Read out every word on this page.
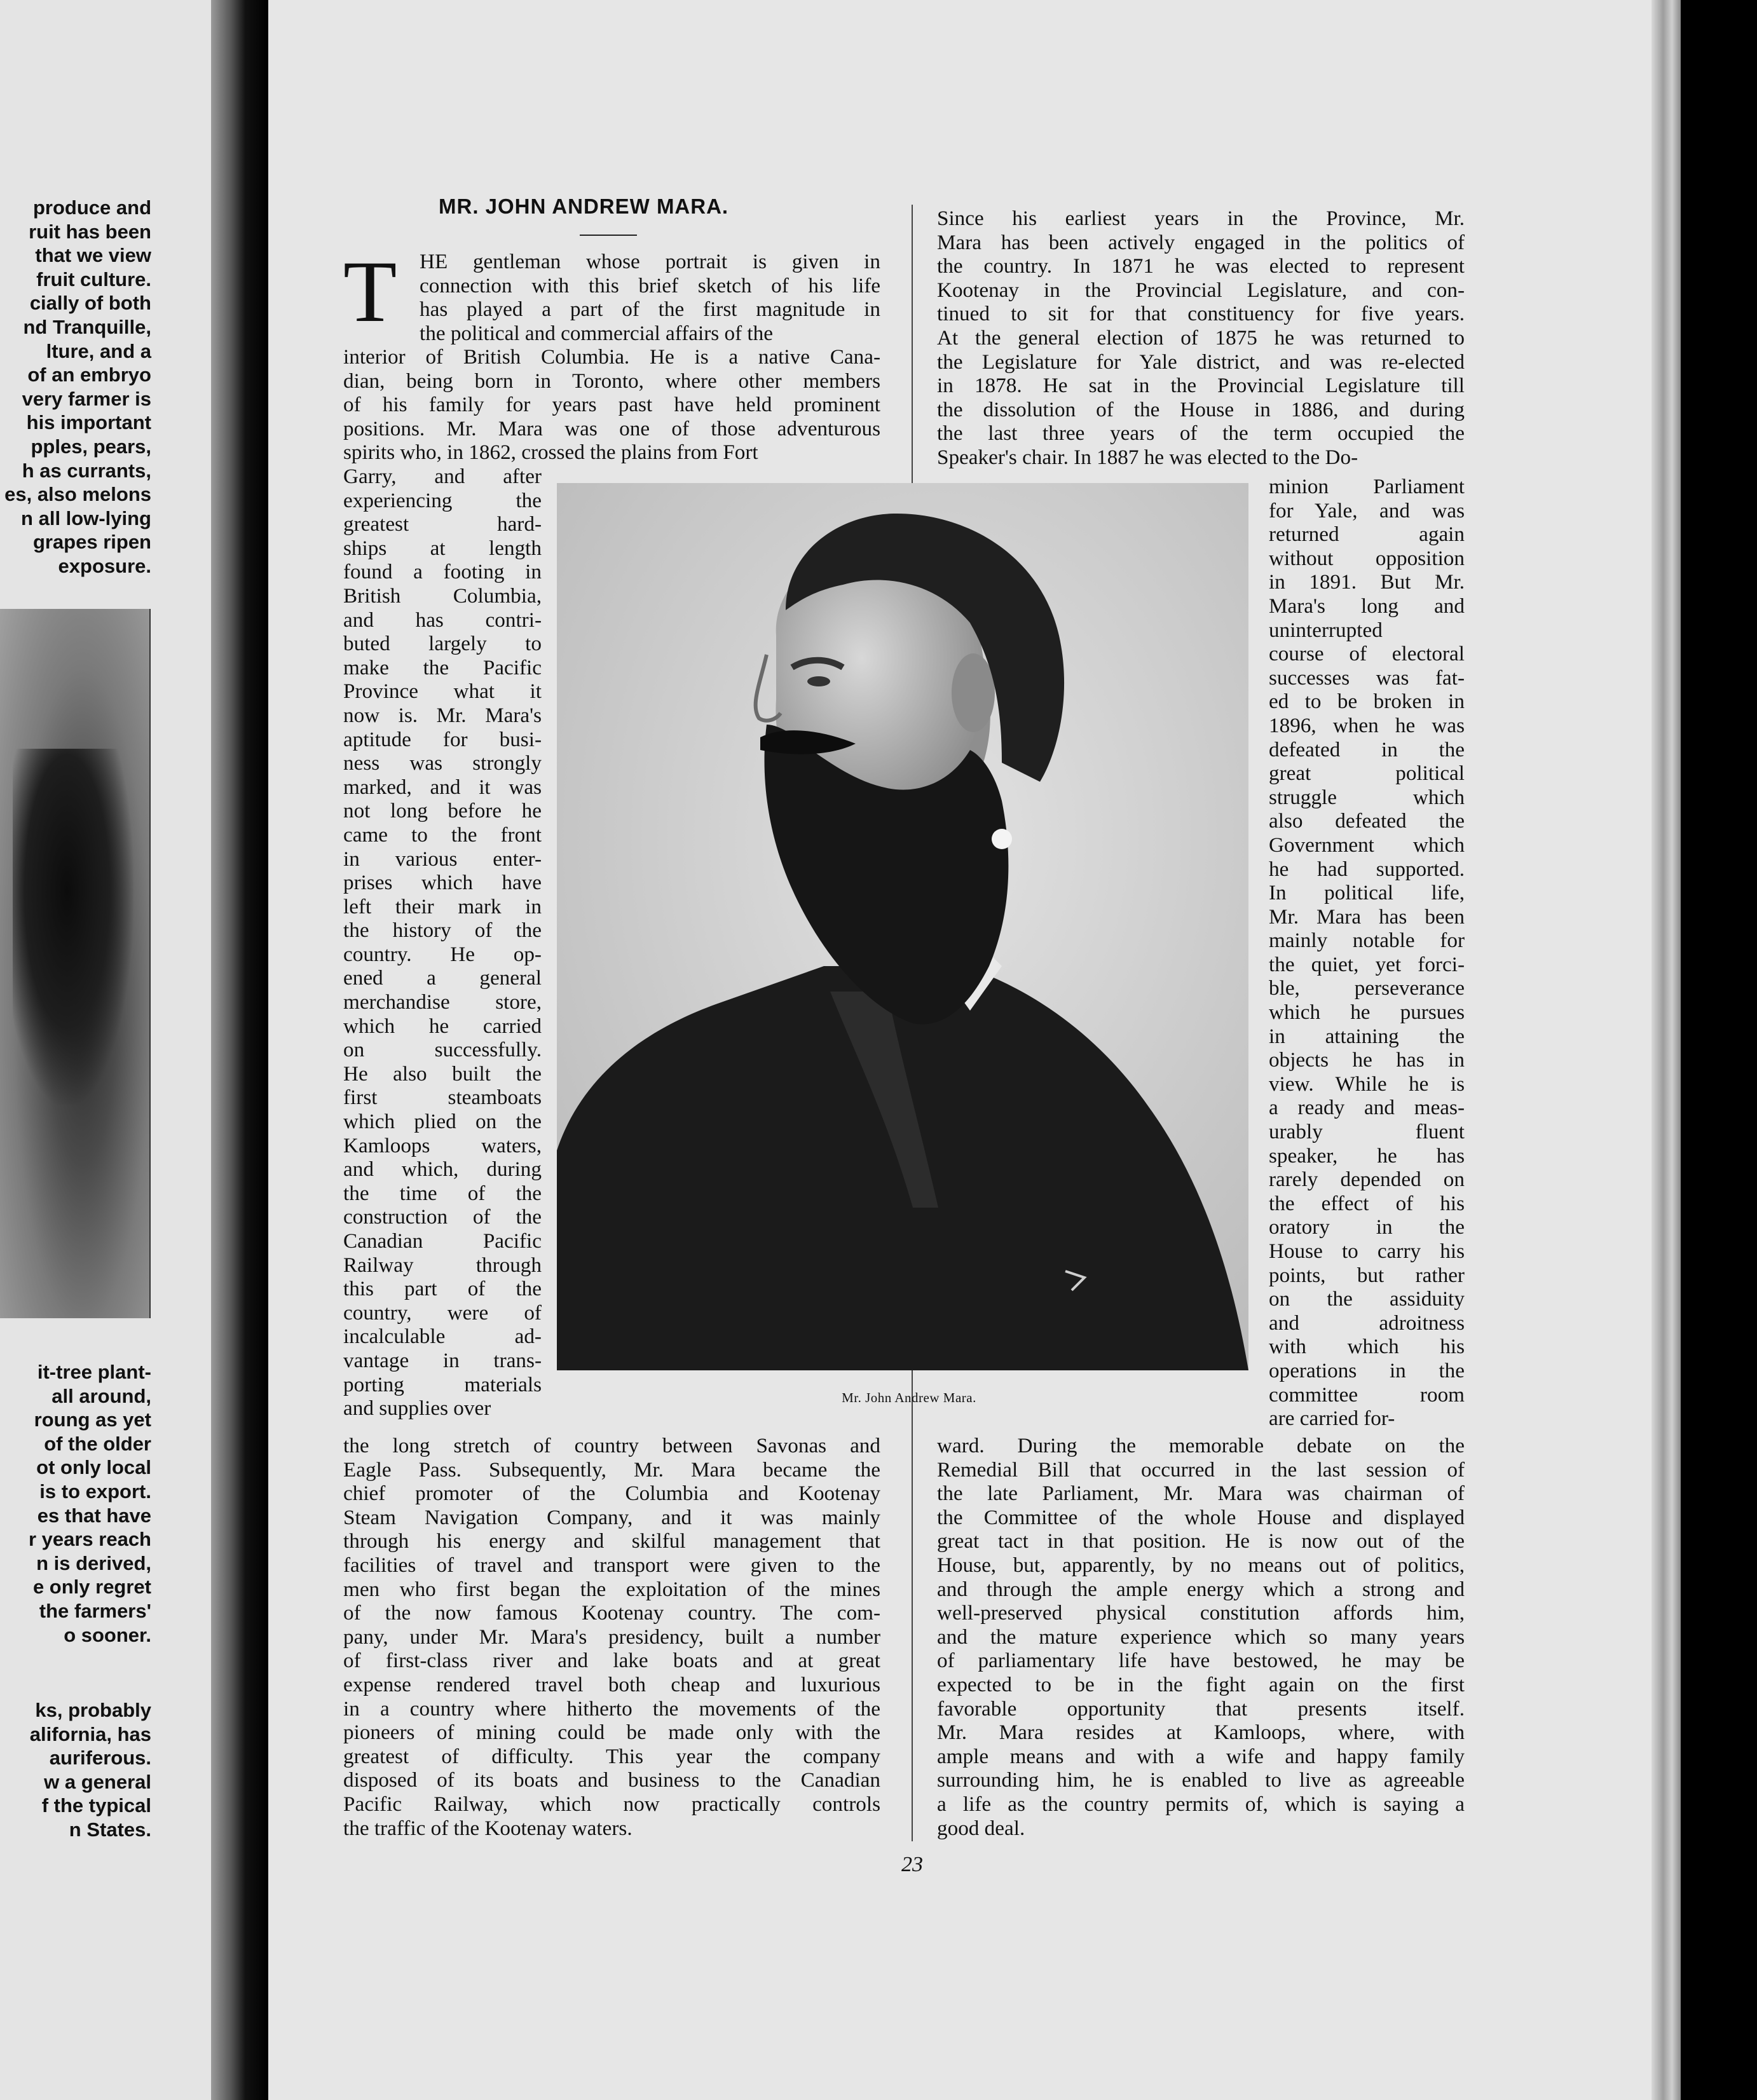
produce and
ruit has been
that we view
fruit culture.
cially of both
nd Tranquille,
lture, and a
of an embryo
very farmer is
his important
pples, pears,
h as currants,
es, also melons
n all low-lying
grapes ripen
exposure.
it-tree plant-
all around,
roung as yet
of the older
ot only local
is to export.
es that have
r years reach
n is derived,
e only regret
the farmers'
o sooner.
ks, probably
alifornia, has
auriferous.
w a general
f the typical
n States.
MR. JOHN ANDREW MARA.
T HE gentleman whose portrait is given in
connection with this brief sketch of his life
has played a part of the first magnitude in
the political and commercial affairs of the
interior of British Columbia. He is a native Cana-
dian, being born in Toronto, where other members
of his family for years past have held prominent
positions. Mr. Mara was one of those adventurous
spirits who, in 1862, crossed the plains from Fort
Garry, and after
experiencing the
greatest hard-
ships at length
found a footing in
British Columbia,
and has contri-
buted largely to
make the Pacific
Province what it
now is. Mr. Mara's
aptitude for busi-
ness was strongly
marked, and it was
not long before he
came to the front
in various enter-
prises which have
left their mark in
the history of the
country. He op-
ened a general
merchandise store,
which he carried
on successfully.
He also built the
first steamboats
which plied on the
Kamloops waters,
and which, during
the time of the
construction of the
Canadian Pacific
Railway through
this part of the
country, were of
incalculable ad-
vantage in trans-
porting materials
and supplies over
the long stretch of country between Savonas and
Eagle Pass. Subsequently, Mr. Mara became the
chief promoter of the Columbia and Kootenay
Steam Navigation Company, and it was mainly
through his energy and skilful management that
facilities of travel and transport were given to the
men who first began the exploitation of the mines
of the now famous Kootenay country. The com-
pany, under Mr. Mara's presidency, built a number
of first-class river and lake boats and at great
expense rendered travel both cheap and luxurious
in a country where hitherto the movements of the
pioneers of mining could be made only with the
greatest of difficulty. This year the company
disposed of its boats and business to the Canadian
Pacific Railway, which now practically controls
the traffic of the Kootenay waters.
Since his earliest years in the Province, Mr.
Mara has been actively engaged in the politics of
the country. In 1871 he was elected to represent
Kootenay in the Provincial Legislature, and con-
tinued to sit for that constituency for five years.
At the general election of 1875 he was returned to
the Legislature for Yale district, and was re-elected
in 1878. He sat in the Provincial Legislature till
the dissolution of the House in 1886, and during
the last three years of the term occupied the
Speaker's chair. In 1887 he was elected to the Do-
minion Parliament
for Yale, and was
returned again
without opposition
in 1891. But Mr.
Mara's long and
uninterrupted
course of electoral
successes was fat-
ed to be broken in
1896, when he was
defeated in the
great political
struggle which
also defeated the
Government which
he had supported.
In political life,
Mr. Mara has been
mainly notable for
the quiet, yet forci-
ble, perseverance
which he pursues
in attaining the
objects he has in
view. While he is
a ready and meas-
urably fluent
speaker, he has
rarely depended on
the effect of his
oratory in the
House to carry his
points, but rather
on the assiduity
and adroitness
with which his
operations in the
committee room
are carried for-
ward. During the memorable debate on the
Remedial Bill that occurred in the last session of
the late Parliament, Mr. Mara was chairman of
the Committee of the whole House and displayed
great tact in that position. He is now out of the
House, but, apparently, by no means out of politics,
and through the ample energy which a strong and
well-preserved physical constitution affords him,
and the mature experience which so many years
of parliamentary life have bestowed, he may be
expected to be in the fight again on the first
favorable opportunity that presents itself.
Mr. Mara resides at Kamloops, where, with
ample means and with a wife and happy family
surrounding him, he is enabled to live as agreeable
a life as the country permits of, which is saying a
good deal.
Mr. John Andrew Mara.
23
